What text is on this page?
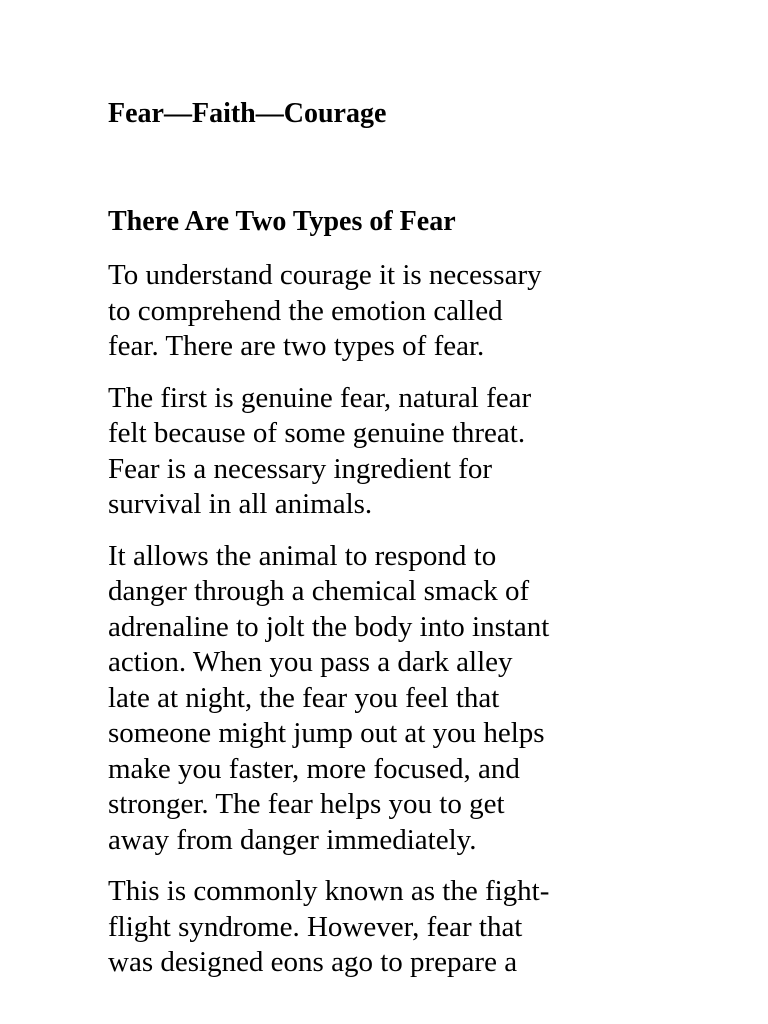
Fear—Faith—Courage
There Are Two Types of Fear

To understand courage it is necessary
to comprehend the emotion called
fear. There are two types of fear.

The first is genuine fear, natural fear
felt because of some genuine threat.
Fear is a necessary ingredient for
survival in all animals.

It allows the animal to respond to
danger through a chemical smack of
adrenaline to jolt the body into instant
action. When you pass a dark alley
late at night, the fear you feel that
someone might jump out at you helps
make you faster, more focused, and
stronger. The fear helps you to get
away from danger immediately.

This is commonly known as the fight-
flight syndrome. However, fear that
was designed eons ago to prepare a
